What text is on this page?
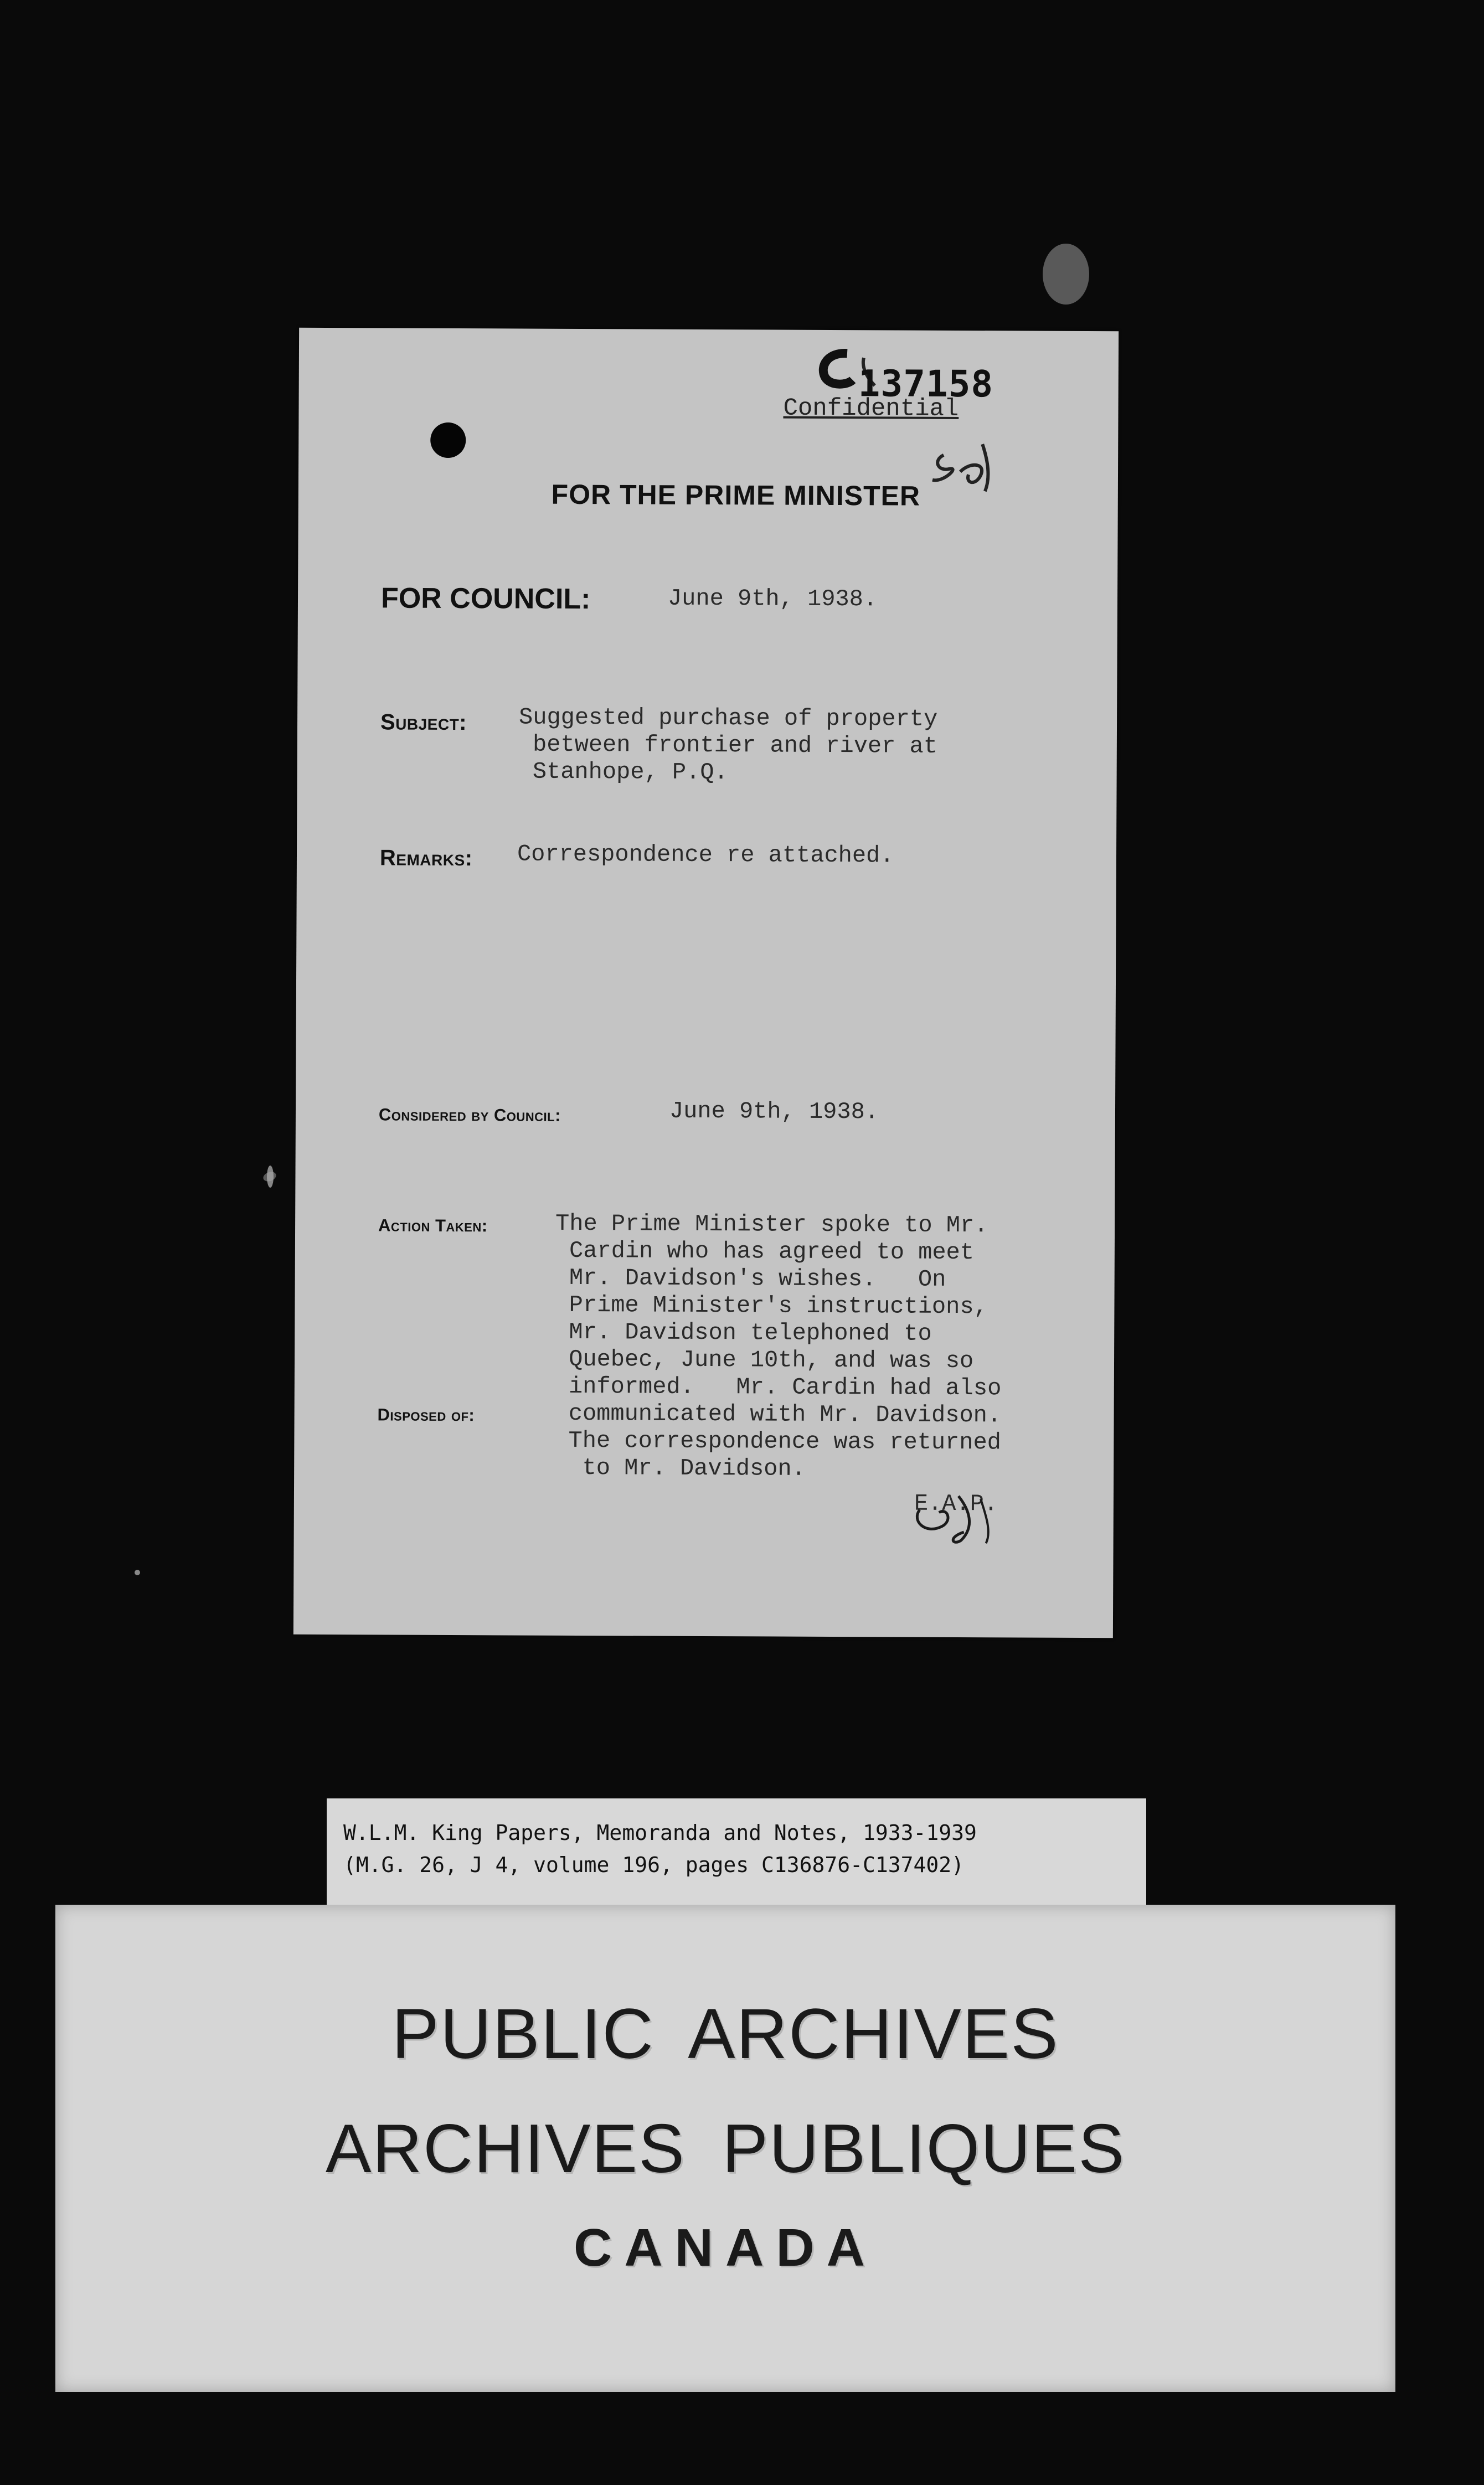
137158
Confidential
FOR THE PRIME MINISTER
FOR COUNCIL:	June 9th, 1938.
Subject: Suggested purchase of property
between frontier and river at
Stanhope, P.Q.
Remarks: Correspondence re attached.
Considered by Council:	June 9th, 1938.
Action Taken:	The Prime Minister spoke to Mr.
Cardin who has agreed to meet
Mr. Davidson's wishes.   On
Prime Minister's instructions,
Mr. Davidson telephoned to
Quebec, June 10th, and was so
informed.   Mr. Cardin had also
communicated with Mr. Davidson.
The correspondence was returned
to Mr. Davidson.
Disposed of:
E.A.P.
W.L.M. King Papers, Memoranda and Notes, 1933-1939
(M.G. 26, J 4, volume 196, pages C136876-C137402)
PUBLIC ARCHIVES
ARCHIVES PUBLIQUES
CANADA
